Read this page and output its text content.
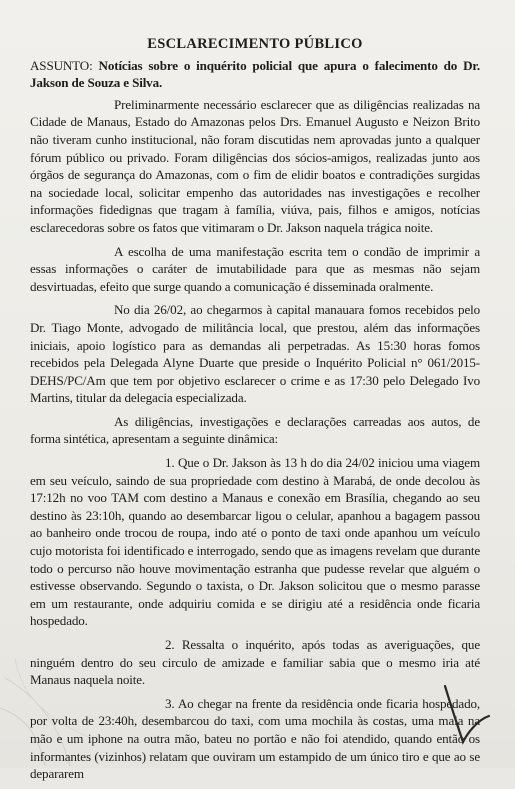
ESCLARECIMENTO PÚBLICO
ASSUNTO: Notícias sobre o inquérito policial que apura o falecimento do Dr. Jakson de Souza e Silva.

Preliminarmente necessário esclarecer que as diligências realizadas na Cidade de Manaus, Estado do Amazonas pelos Drs. Emanuel Augusto e Neizon Brito não tiveram cunho institucional, não foram discutidas nem aprovadas junto a qualquer fórum público ou privado. Foram diligências dos sócios-amigos, realizadas junto aos órgãos de segurança do Amazonas, com o fim de elidir boatos e contradições surgidas na sociedade local, solicitar empenho das autoridades nas investigações e recolher informações fidedignas que tragam à família, viúva, pais, filhos e amigos, notícias esclarecedoras sobre os fatos que vitimaram o Dr. Jakson naquela trágica noite.

A escolha de uma manifestação escrita tem o condão de imprimir a essas informações o caráter de imutabilidade para que as mesmas não sejam desvirtuadas, efeito que surge quando a comunicação é disseminada oralmente.

No dia 26/02, ao chegarmos à capital manauara fomos recebidos pelo Dr. Tiago Monte, advogado de militância local, que prestou, além das informações iniciais, apoio logístico para as demandas ali perpetradas. As 15:30 horas fomos recebidos pela Delegada Alyne Duarte que preside o Inquérito Policial n° 061/2015-DEHS/PC/Am que tem por objetivo esclarecer o crime e as 17:30 pelo Delegado Ivo Martins, titular da delegacia especializada.

As diligências, investigações e declarações carreadas aos autos, de forma sintética, apresentam a seguinte dinâmica:

1. Que o Dr. Jakson às 13 h do dia 24/02 iniciou uma viagem em seu veículo, saindo de sua propriedade com destino à Marabá, de onde decolou às 17:12h no voo TAM com destino a Manaus e conexão em Brasília, chegando ao seu destino às 23:10h, quando ao desembarcar ligou o celular, apanhou a bagagem passou ao banheiro onde trocou de roupa, indo até o ponto de taxi onde apanhou um veículo cujo motorista foi identificado e interrogado, sendo que as imagens revelam que durante todo o percurso não houve movimentação estranha que pudesse revelar que alguém o estivesse observando. Segundo o taxista, o Dr. Jakson solicitou que o mesmo parasse em um restaurante, onde adquiriu comida e se dirigiu até a residência onde ficaria hospedado.

2. Ressalta o inquérito, após todas as averiguações, que ninguém dentro do seu circulo de amizade e familiar sabia que o mesmo iria até Manaus naquela noite.

3. Ao chegar na frente da residência onde ficaria hospedado, por volta de 23:40h, desembarcou do taxi, com uma mochila às costas, uma mala na mão e um iphone na outra mão, bateu no portão e não foi atendido, quando então os informantes (vizinhos) relatam que ouviram um estampido de um único tiro e que ao se depararem
